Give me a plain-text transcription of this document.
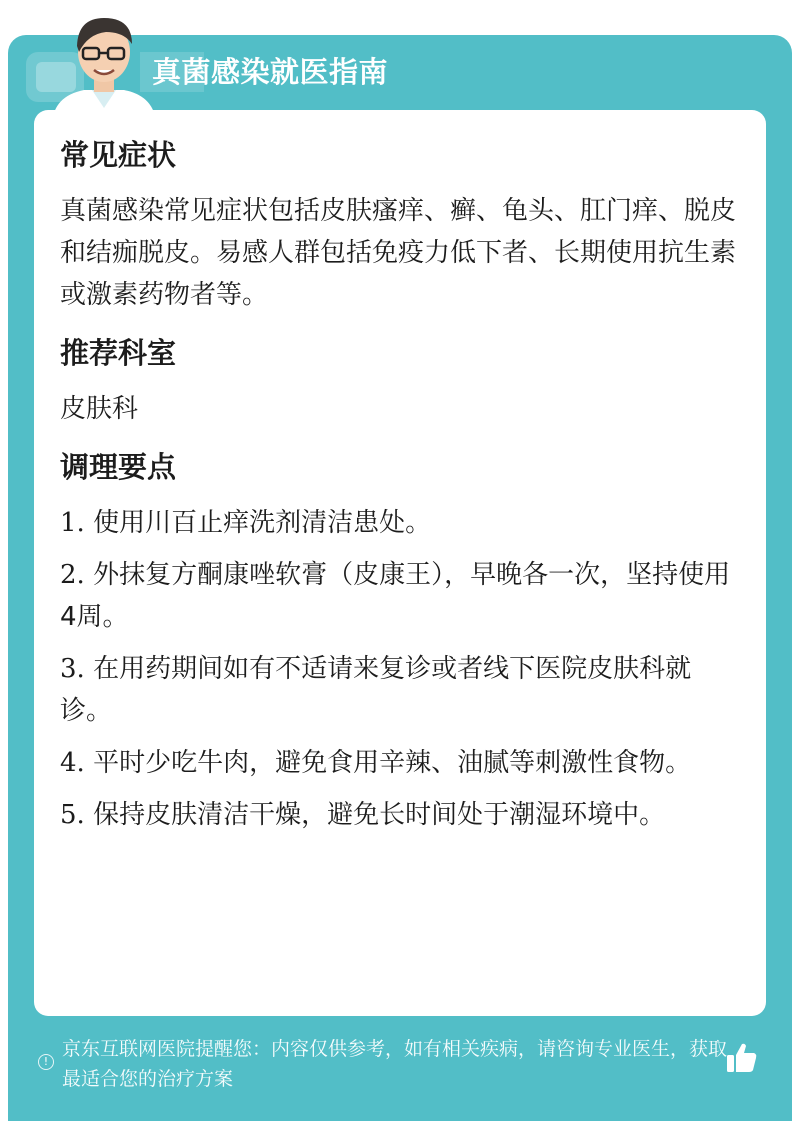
真菌感染就医指南
常见症状

真菌感染常见症状包括皮肤瘙痒、癣、龟头、肛门痒、脱皮和结痂脱皮。易感人群包括免疫力低下者、长期使用抗生素或激素药物者等。

推荐科室

皮肤科

调理要点
1. 使用川百止痒洗剂清洁患处。
2. 外抹复方酮康唑软膏（皮康王），早晚各一次，坚持使用4周。
3. 在用药期间如有不适请来复诊或者线下医院皮肤科就诊。
4. 平时少吃牛肉，避免食用辛辣、油腻等刺激性食物。
5. 保持皮肤清洁干燥，避免长时间处于潮湿环境中。
!
京东互联网医院提醒您：内容仅供参考，如有相关疾病，请咨询专业医生，获取最适合您的治疗方案
